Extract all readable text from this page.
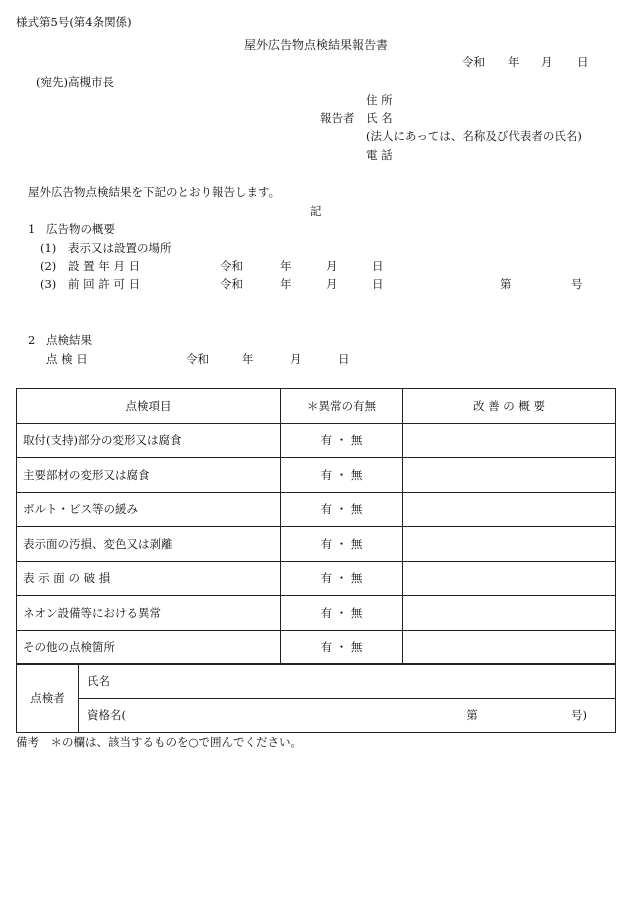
様式第5号(第4条関係)
屋外広告物点検結果報告書
令和 年 月 日
(宛先)高槻市長
住 所
報告者 氏 名
(法人にあっては、名称及び代表者の氏名)
電 話
屋外広告物点検結果を下記のとおり報告します。
記
1 広告物の概要
(1) 表示又は設置の場所
(2) 設 置 年 月 日	令和	年	月	日
(3) 前 回 許 可 日	令和	年	月	日	第	号
2 点検結果
点 検 日	令和	年	月	日
点検項目	＊異常の有無	改 善 の 概 要
取付(支持)部分の変形又は腐食	有 ・ 無	
主要部材の変形又は腐食	有 ・ 無	
ボルト・ビス等の緩み	有 ・ 無	
表示面の汚損、変色又は剥離	有 ・ 無	
表 示 面 の 破 損	有 ・ 無	
ネオン設備等における異常	有 ・ 無	
その他の点検箇所	有 ・ 無	
点検者	氏名
資格名(	第	号)
備考　＊の欄は、該当するものを○で囲んでください。
